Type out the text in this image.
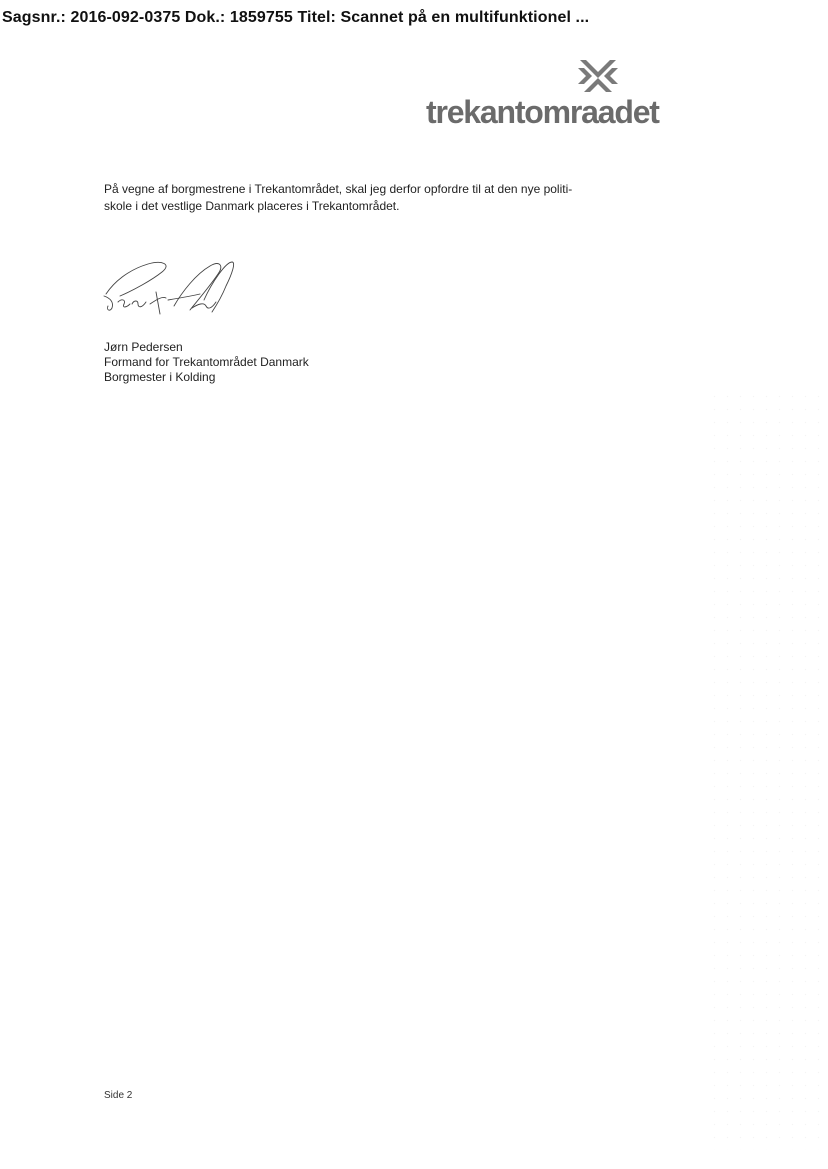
Sagsnr.: 2016-092-0375 Dok.: 1859755 Titel: Scannet på en multifunktionel ...
trekantomraadet

På vegne af borgmestrene i Trekantområdet, skal jeg derfor opfordre til at den nye politi-

skole i det vestlige Danmark placeres i Trekantområdet.

Jørn Pedersen
Formand for Trekantområdet Danmark
Borgmester i Kolding
Side 2
